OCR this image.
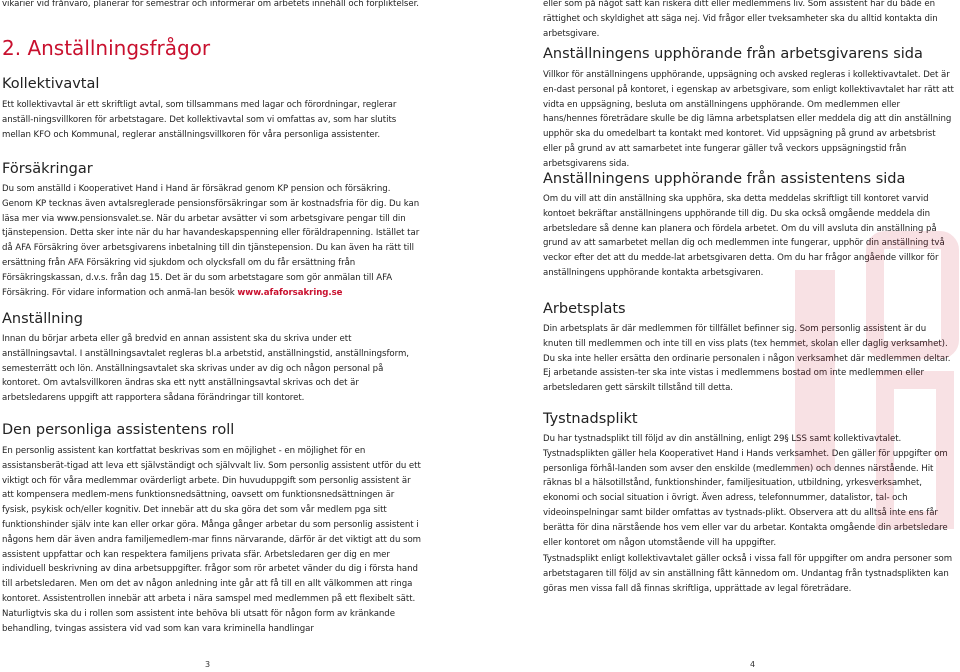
vikarier vid frånvaro, planerar för semestrar och informerar om arbetets innehåll och förpliktelser.

2. Anställningsfrågor
Kollektivavtal

Ett kollektivavtal är ett skriftligt avtal, som tillsammans med lagar och förordningar, reglerar anställ-ningsvillkoren för arbetstagare. Det kollektivavtal som vi omfattas av, som har slutits mellan KFO och Kommunal, reglerar anställningsvillkoren för våra personliga assistenter.

Försäkringar

Du som anställd i Kooperativet Hand i Hand är försäkrad genom KP pension och försäkring. Genom KP tecknas även avtalsreglerade pensionsförsäkringar som är kostnadsfria för dig. Du kan läsa mer via www.pensionsvalet.se. När du arbetar avsätter vi som arbetsgivare pengar till din tjänstepension. Detta sker inte när du har havandeskapspenning eller föräldrapenning. Istället tar då AFA Försäkring över arbetsgivarens inbetalning till din tjänstepension. Du kan även ha rätt till ersättning från AFA Försäkring vid sjukdom och olycksfall om du får ersättning från Försäkringskassan, d.v.s. från dag 15. Det är du som arbetstagare som gör anmälan till AFA Försäkring. För vidare information och anmä-lan besök www.afaforsakring.se

Anställning

Innan du börjar arbeta eller gå bredvid en annan assistent ska du skriva under ett anställningsavtal. I anställningsavtalet regleras bl.a arbetstid, anställningstid, anställningsform, semesterrätt och lön. Anställningsavtalet ska skrivas under av dig och någon personal på kontoret. Om avtalsvillkoren ändras ska ett nytt anställningsavtal skrivas och det är arbetsledarens uppgift att rapportera sådana förändringar till kontoret.

Den personliga assistentens roll

En personlig assistent kan kortfattat beskrivas som en möjlighet - en möjlighet för en assistansberät-tigad att leva ett självständigt och självvalt liv. Som personlig assistent utför du ett viktigt och för våra medlemmar ovärderligt arbete. Din huvuduppgift som personlig assistent är att kompensera medlem-mens funktionsnedsättning, oavsett om funktionsnedsättningen är fysisk, psykisk och/eller kognitiv. Det innebär att du ska göra det som vår medlem pga sitt funktionshinder själv inte kan eller orkar göra. Många gånger arbetar du som personlig assistent i någons hem där även andra familjemedlem-mar finns närvarande, därför är det viktigt att du som assistent uppfattar och kan respektera familjens privata sfär. Arbetsledaren ger dig en mer individuell beskrivning av dina arbetsuppgifter. frågor som rör arbetet vänder du dig i första hand till arbetsledaren. Men om det av någon anledning inte går att få till en allt välkommen att ringa kontoret. Assistentrollen innebär att arbeta i nära samspel med medlemmen på ett flexibelt sätt. Naturligtvis ska du i rollen som assistent inte behöva bli utsatt för någon form av kränkande behandling, tvingas assistera vid vad som kan vara kriminella handlingar

3

eller som på något sätt kan riskera ditt eller medlemmens liv. Som assistent har du både en rättighet och skyldighet att säga nej. Vid frågor eller tveksamheter ska du alltid kontakta din arbetsgivare.

Anställningens upphörande från arbetsgivarens sida

Villkor för anställningens upphörande, uppsägning och avsked regleras i kollektivavtalet. Det är en-dast personal på kontoret, i egenskap av arbetsgivare, som enligt kollektivavtalet har rätt att vidta en uppsägning, besluta om anställningens upphörande. Om medlemmen eller hans/hennes företrädare skulle be dig lämna arbetsplatsen eller meddela dig att din anställning upphör ska du omedelbart ta kontakt med kontoret. Vid uppsägning på grund av arbetsbrist eller på grund av att samarbetet inte fungerar gäller två veckors uppsägningstid från arbetsgivarens sida.

Anställningens upphörande från assistentens sida

Om du vill att din anställning ska upphöra, ska detta meddelas skriftligt till kontoret varvid kontoet bekräftar anställningens upphörande till dig. Du ska också omgående meddela din arbetsledare så denne kan planera och fördela arbetet. Om du vill avsluta din anställning på grund av att samarbetet mellan dig och medlemmen inte fungerar, upphör din anställning två veckor efter det att du medde-lat arbetsgivaren detta. Om du har frågor angående villkor för anställningens upphörande kontakta arbetsgivaren.

Arbetsplats

Din arbetsplats är där medlemmen för tillfället befinner sig. Som personlig assistent är du knuten till medlemmen och inte till en viss plats (tex hemmet, skolan eller daglig verksamhet). Du ska inte heller ersätta den ordinarie personalen i någon verksamhet där medlemmen deltar. Ej arbetande assisten-ter ska inte vistas i medlemmens bostad om inte medlemmen eller arbetsledaren gett särskilt tillstånd till detta.

Tystnadsplikt

Du har tystnadsplikt till följd av din anställning, enligt 29§ LSS samt kollektivavtalet. Tystnadsplikten gäller hela Kooperativet Hand i Hands verksamhet. Den gäller för uppgifter om personliga förhål-landen som avser den enskilde (medlemmen) och dennes närstående. Hit räknas bl a hälsotillstånd, funktionshinder, familjesituation, utbildning, yrkesverksamhet, ekonomi och social situation i övrigt. Även adress, telefonnummer, datalistor, tal- och videoinspelningar samt bilder omfattas av tystnads-plikt. Observera att du alltså inte ens får berätta för dina närstående hos vem eller var du arbetar. Kontakta omgående din arbetsledare eller kontoret om någon utomstående vill ha uppgifter.

Tystnadsplikt enligt kollektivavtalet gäller också i vissa fall för uppgifter om andra personer som arbetstagaren till följd av sin anställning fått kännedom om. Undantag från tystnadsplikten kan göras men vissa fall då finnas skriftliga, upprättade av legal företrädare.

4
